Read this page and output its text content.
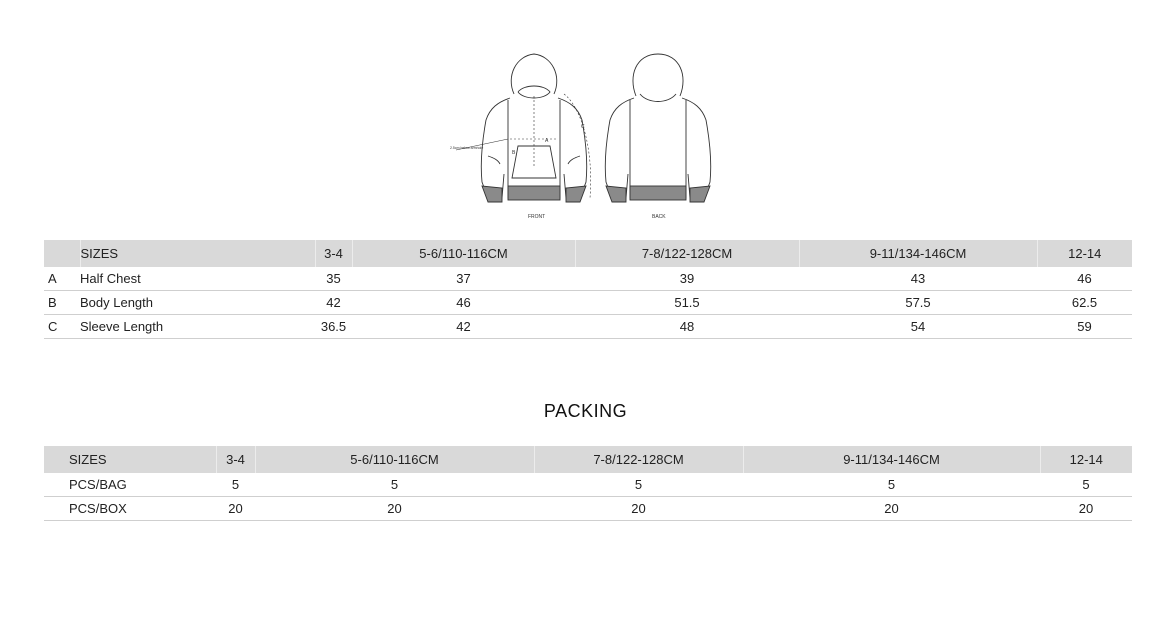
2.5cm below armhole
A
B
C
FRONT	BACK
	SIZES	3-4	5-6/110-116CM	7-8/122-128CM	9-11/134-146CM	12-14
A	Half Chest	35	37	39	43	46
B	Body Length	42	46	51.5	57.5	62.5
C	Sleeve Length	36.5	42	48	54	59
PACKING
SIZES	3-4	5-6/110-116CM	7-8/122-128CM	9-11/134-146CM	12-14
PCS/BAG	5	5	5	5	5
PCS/BOX	20	20	20	20	20
